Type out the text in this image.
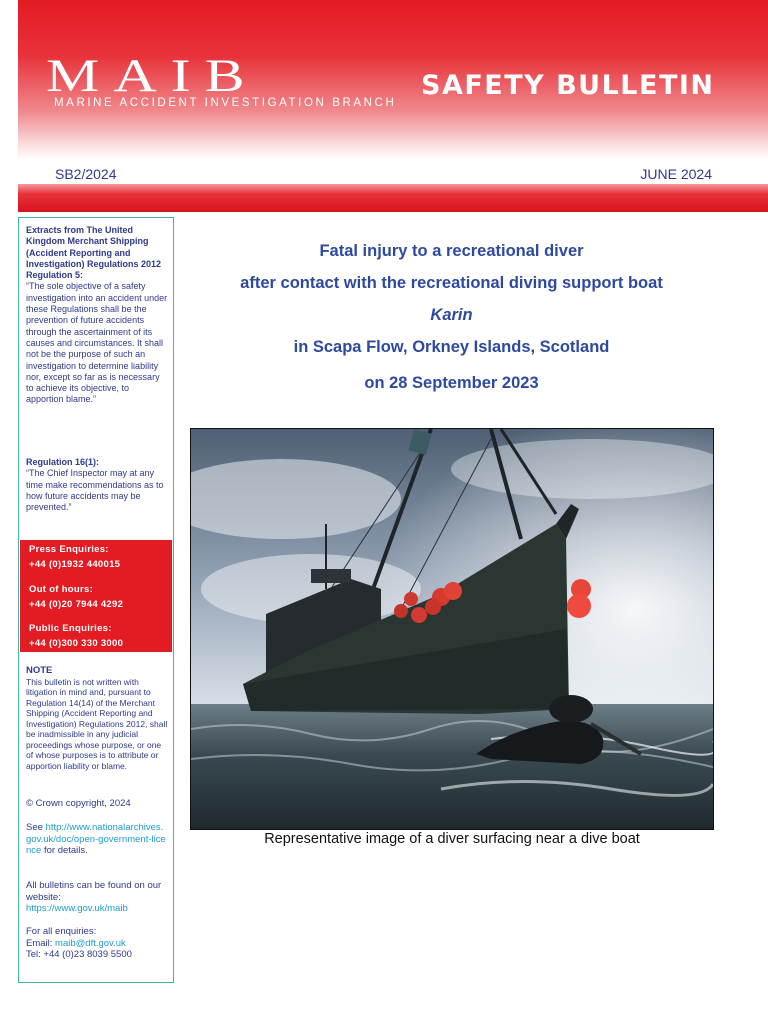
MAIB
MARINE ACCIDENT INVESTIGATION BRANCH
SAFETY BULLETIN
SB2/2024	JUNE 2024
Extracts from The United Kingdom Merchant Shipping (Accident Reporting and Investigation) Regulations 2012 Regulation 5:
“The sole objective of a safety investigation into an accident under these Regulations shall be the prevention of future accidents through the ascertainment of its causes and circumstances. It shall not be the purpose of such an investigation to determine liability nor, except so far as is necessary to achieve its objective, to apportion blame.”
Regulation 16(1):
“The Chief Inspector may at any time make recommendations as to how future accidents may be prevented.”
Press Enquiries:
+44 (0)1932 440015
Out of hours:
+44 (0)20 7944 4292
Public Enquiries:
+44 (0)300 330 3000
NOTE
This bulletin is not written with litigation in mind and, pursuant to Regulation 14(14) of the Merchant Shipping (Accident Reporting and Investigation) Regulations 2012, shall be inadmissible in any judicial proceedings whose purpose, or one of whose purposes is to attribute or apportion liability or blame.
© Crown copyright, 2024
See http://www.nationalarchives.gov.uk/doc/open-government-licence for details.
All bulletins can be found on our website:
https://www.gov.uk/maib
For all enquiries:
Email: maib@dft.gov.uk
Tel: +44 (0)23 8039 5500
Fatal injury to a recreational diver
after contact with the recreational diving support boat
Karin
in Scapa Flow, Orkney Islands, Scotland
on 28 September 2023
Representative image of a diver surfacing near a dive boat
